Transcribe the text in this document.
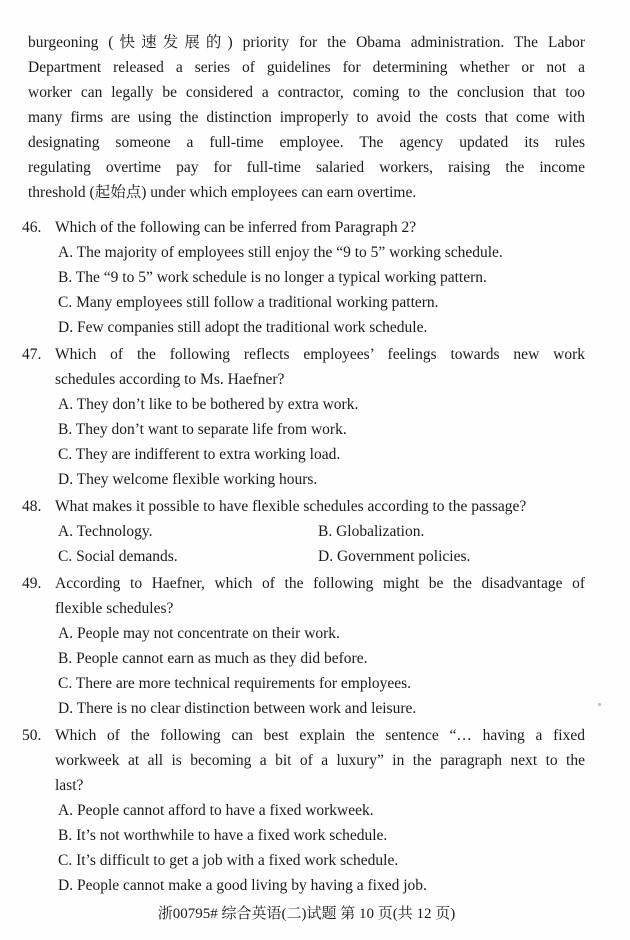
burgeoning (快速发展的) priority for the Obama administration. The Labor
Department released a series of guidelines for determining whether or not a
worker can legally be considered a contractor, coming to the conclusion that too
many firms are using the distinction improperly to avoid the costs that come with
designating someone a full-time employee. The agency updated its rules
regulating overtime pay for full-time salaried workers, raising the income
threshold (起始点) under which employees can earn overtime.
46. Which of the following can be inferred from Paragraph 2?
A. The majority of employees still enjoy the “9 to 5” working schedule.
B. The “9 to 5” work schedule is no longer a typical working pattern.
C. Many employees still follow a traditional working pattern.
D. Few companies still adopt the traditional work schedule.
47. Which of the following reflects employees’ feelings towards new work
schedules according to Ms. Haefner?
A. They don’t like to be bothered by extra work.
B. They don’t want to separate life from work.
C. They are indifferent to extra working load.
D. They welcome flexible working hours.
48. What makes it possible to have flexible schedules according to the passage?
A. Technology.	B. Globalization.
C. Social demands.	D. Government policies.
49. According to Haefner, which of the following might be the disadvantage of
flexible schedules?
A. People may not concentrate on their work.
B. People cannot earn as much as they did before.
C. There are more technical requirements for employees.
D. There is no clear distinction between work and leisure.
50. Which of the following can best explain the sentence “… having a fixed
workweek at all is becoming a bit of a luxury” in the paragraph next to the
last?
A. People cannot afford to have a fixed workweek.
B. It’s not worthwhile to have a fixed work schedule.
C. It’s difficult to get a job with a fixed work schedule.
D. People cannot make a good living by having a fixed job.
浙00795# 综合英语(二)试题 第 10 页(共 12 页)
